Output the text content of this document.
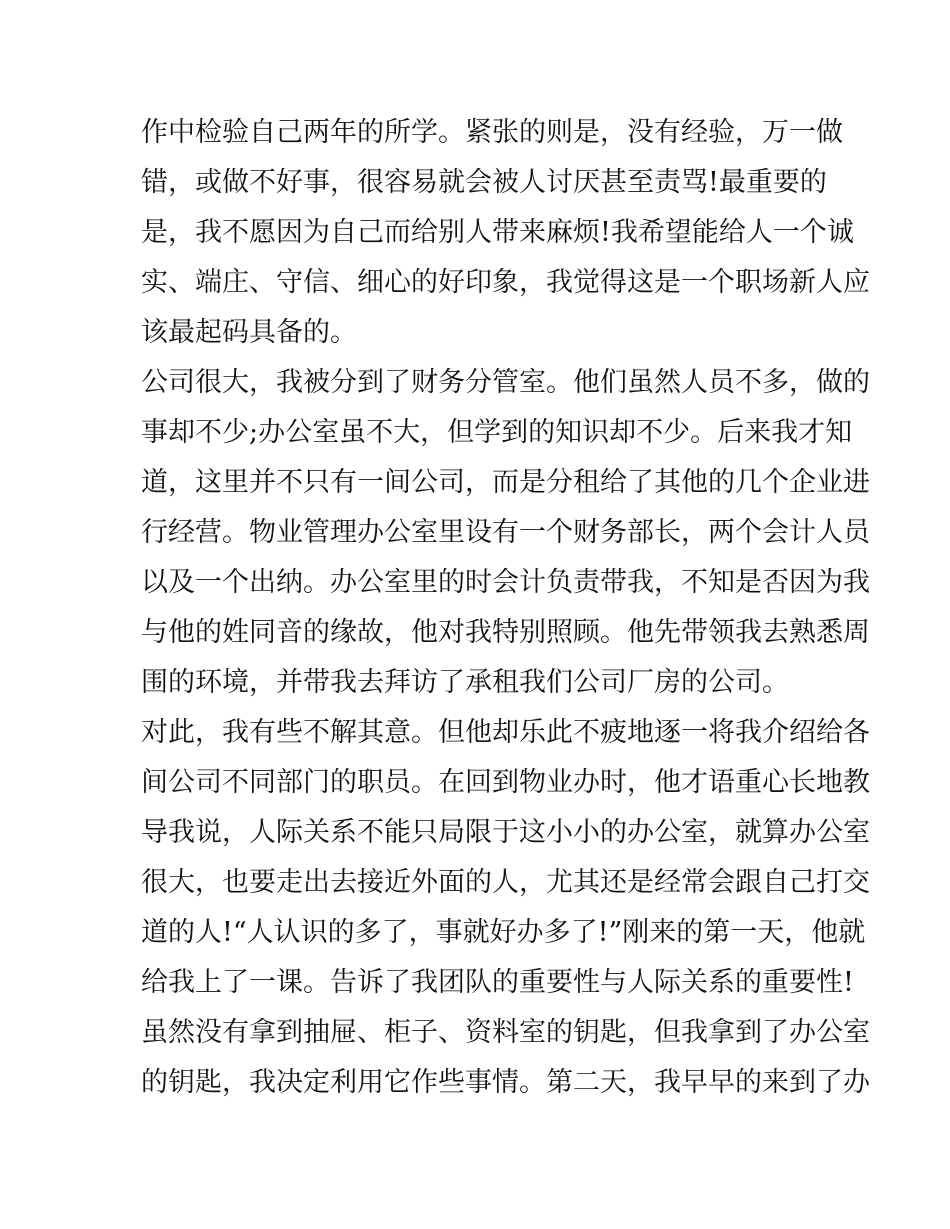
作中检验自己两年的所学。紧张的则是，没有经验，万一做
错，或做不好事，很容易就会被人讨厌甚至责骂!最重要的
是，我不愿因为自己而给别人带来麻烦!我希望能给人一个诚
实、端庄、守信、细心的好印象，我觉得这是一个职场新人应
该最起码具备的。
公司很大，我被分到了财务分管室。他们虽然人员不多，做的
事却不少;办公室虽不大，但学到的知识却不少。后来我才知
道，这里并不只有一间公司，而是分租给了其他的几个企业进
行经营。物业管理办公室里设有一个财务部长，两个会计人员
以及一个出纳。办公室里的时会计负责带我，不知是否因为我
与他的姓同音的缘故，他对我特别照顾。他先带领我去熟悉周
围的环境，并带我去拜访了承租我们公司厂房的公司。
对此，我有些不解其意。但他却乐此不疲地逐一将我介绍给各
间公司不同部门的职员。在回到物业办时，他才语重心长地教
导我说，人际关系不能只局限于这小小的办公室，就算办公室
很大，也要走出去接近外面的人，尤其还是经常会跟自己打交
道的人!“人认识的多了，事就好办多了!”刚来的第一天，他就
给我上了一课。告诉了我团队的重要性与人际关系的重要性!
虽然没有拿到抽屉、柜子、资料室的钥匙，但我拿到了办公室
的钥匙，我决定利用它作些事情。第二天，我早早的来到了办
